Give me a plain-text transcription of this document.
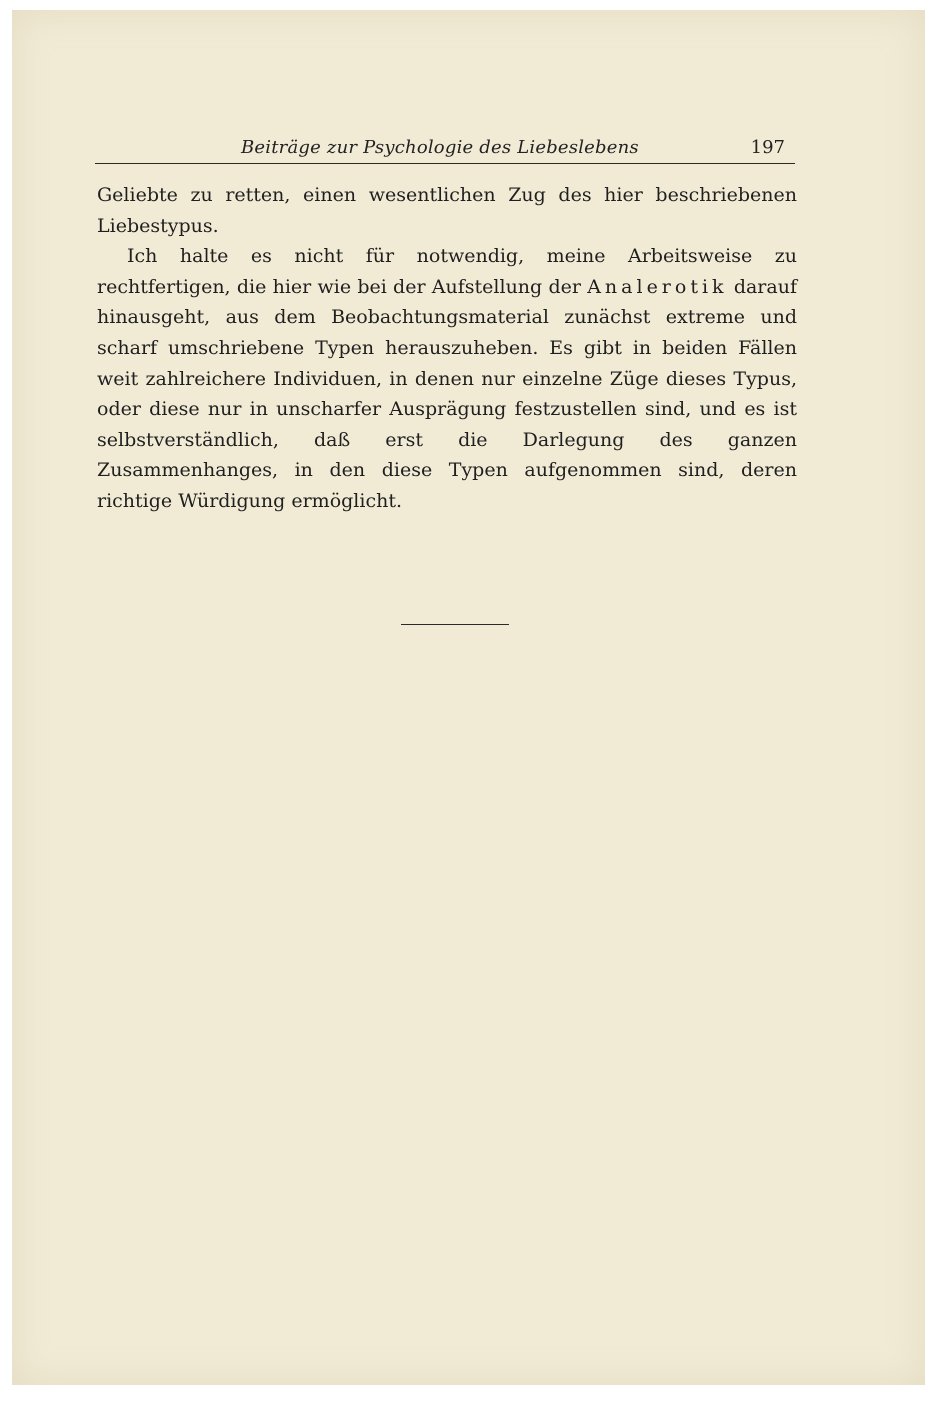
Beiträge zur Psychologie des Liebeslebens	197

Geliebte zu retten, einen wesentlichen Zug des hier beschriebenen Liebestypus.

Ich halte es nicht für notwendig, meine Arbeitsweise zu rechtfertigen, die hier wie bei der Aufstellung der Analerotik darauf hinausgeht, aus dem Beobachtungsmaterial zunächst extreme und scharf umschriebene Typen herauszuheben. Es gibt in beiden Fällen weit zahlreichere Individuen, in denen nur einzelne Züge dieses Typus, oder diese nur in unscharfer Ausprägung festzustellen sind, und es ist selbstverständlich, daß erst die Darlegung des ganzen Zusammenhanges, in den diese Typen aufgenommen sind, deren richtige Würdigung ermöglicht.
